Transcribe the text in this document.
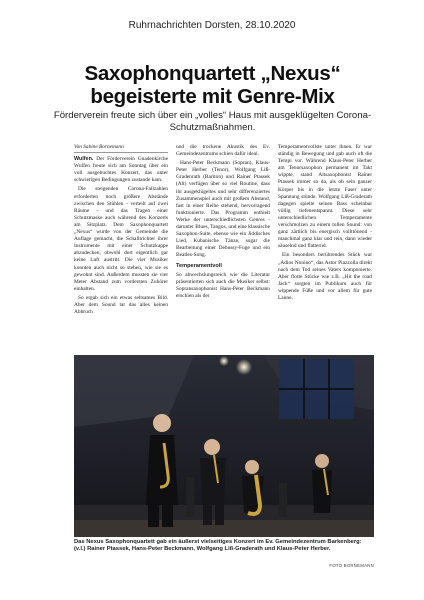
Ruhrnachrichten Dorsten, 28.10.2020
Saxophonquartett „Nexus“ begeisterte mit Genre-Mix
Förderverein freute sich über ein „volles“ Haus mit ausgeklügelten Corona-Schutzmaßnahmen.
Von Sabine Bornemann

Wulfen. Der Förderverein Gnadenkirche Wulfen freute sich am Sonntag über ein voll ausgebuchtes Konzert, das unter schwierigen Bedingungen zustande kam.

Die steigenden Corona-Fallzahlen erforderten noch größere Abstände zwischen den Stühlen - verteilt auf zwei Räume - und das Tragen einer Schutzmaske auch während des Konzerts am Sitzplatz. Dem Saxophonquartett „Nexus“ wurde von der Gemeinde die Auflage gemacht, die Schalltrichter ihrer Instrumente mit einer Schutzkappe abzudecken, obwohl dort eigentlich gar keine Luft austritt. Die vier Musiker konnten auch nicht so stehen, wie sie es gewohnt sind. Außerdem mussten sie vier Meter Abstand zum vordersten Zuhörer einhalten.

So ergab sich ein etwas seltsames Bild. Aber dem Sound tat das alles keinen Abbruch

und die trockene Akustik des Ev. Gemeindezentrums schien dafür ideal.

Hans-Peter Beckmann (Sopran), Klaus-Peter Herber (Tenor), Wolfgang Liß-Gradenrath (Bariton) und Rainer Ptassek (Alt) verfügen über so viel Routine, dass ihr ausgeklügeltes und sehr differenziertes Zusammenspiel auch mit großem Abstand, fast in einer Reihe stehend, hervorragend funktionierte. Das Programm enthielt Werke der unterschiedlichsten Genres - darunter Blues, Tangos, und eine klassische Saxophon-Suite, ebenso wie ein Jiddisches Lied, Kubanische Tänze, sogar die Bearbeitung einer Debussy-Fuge und ein Beatles-Song.

Temperamentvoll

So abwechslungsreich wie die Literatur präsentierten sich auch die Musiker selbst: Sopransaxophonist Hans-Peter Beckmann erschien als der

Temperamentvollste unter ihnen. Er war ständig in Bewegung und gab auch oft die Tempi vor. Während Klaus-Peter Herber am Tenorsaxophon permanent im Takt wippte, stand Altsaxophonist Rainer Ptassek immer so da, als ob sein ganzer Körper bis in die letzte Faser unter Spannung stünde. Wolfgang Liß-Graderath dagegen spielte seinen Bass scheinbar völlig tiefenentspannt. Diese sehr unterschiedlichen Temperamente verschmolzen zu einem tollen Sound: von ganz zärtlich bis energisch vollttönend - manchmal ganz klar und rein, dann wieder säuselnd und flatternd.

Ein besonders berührendes Stück war „Adios Nonino“, das Astor Piazzolla direkt nach dem Tod seines Vaters komponierte. Aber flotte Stücke wie z.B. „Hit the road Jack“ sorgten im Publikum auch für wippende Füße und vor allem für gute Laune.

Das Nexus Saxophonquartett gab ein äußerst vielseitiges Konzert im Ev. Gemeindezentrum Barkenberg: (v.l.) Rainer Ptassek, Hans-Peter Beckmann, Wolfgang Liß-Graderath und Klaus-Peter Herber.
FOTO BORNEMANN
